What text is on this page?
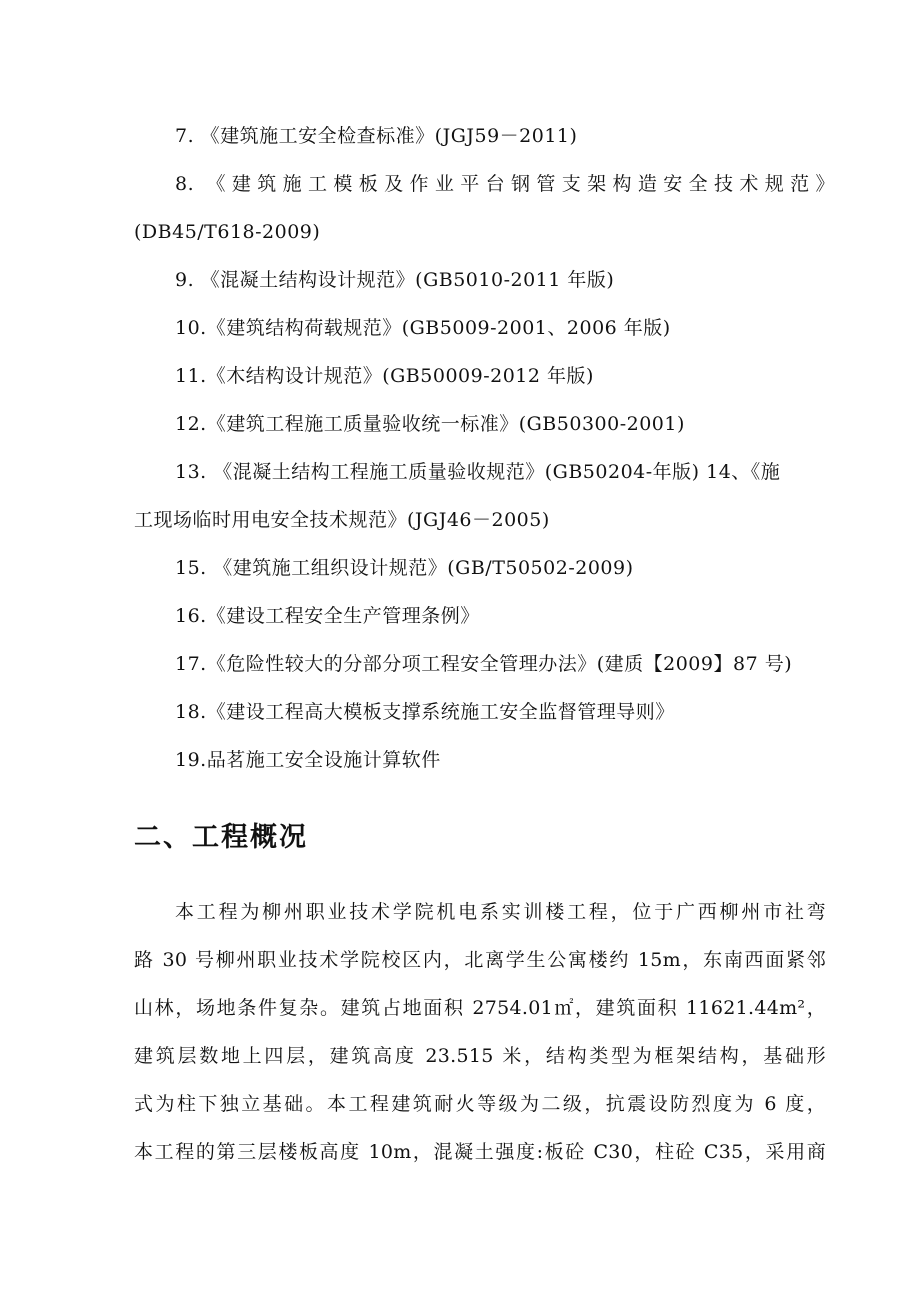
7. 《建筑施工安全检查标准》(JGJ59－2011)
8. 《建筑施工模板及作业平台钢管支架构造安全技术规范》
(DB45/T618-2009)
9. 《混凝土结构设计规范》(GB5010-2011 年版)
10.《建筑结构荷载规范》(GB5009-2001、2006 年版)
11.《木结构设计规范》(GB50009-2012 年版)
12.《建筑工程施工质量验收统一标准》(GB50300-2001)
13. 《混凝土结构工程施工质量验收规范》(GB50204-年版) 14、《施
工现场临时用电安全技术规范》(JGJ46－2005)
15. 《建筑施工组织设计规范》(GB/T50502-2009)
16.《建设工程安全生产管理条例》
17.《危险性较大的分部分项工程安全管理办法》(建质【2009】87 号)
18.《建设工程高大模板支撑系统施工安全监督管理导则》
19.品茗施工安全设施计算软件
二、工程概况
本工程为柳州职业技术学院机电系实训楼工程，位于广西柳州市社弯
路 30 号柳州职业技术学院校区内，北离学生公寓楼约 15m，东南西面紧邻
山林，场地条件复杂。建筑占地面积 2754.01㎡，建筑面积 11621.44m²，
建筑层数地上四层，建筑高度 23.515 米，结构类型为框架结构，基础形
式为柱下独立基础。本工程建筑耐火等级为二级，抗震设防烈度为 6 度，
本工程的第三层楼板高度 10m，混凝土强度:板砼 C30，柱砼 C35，采用商
